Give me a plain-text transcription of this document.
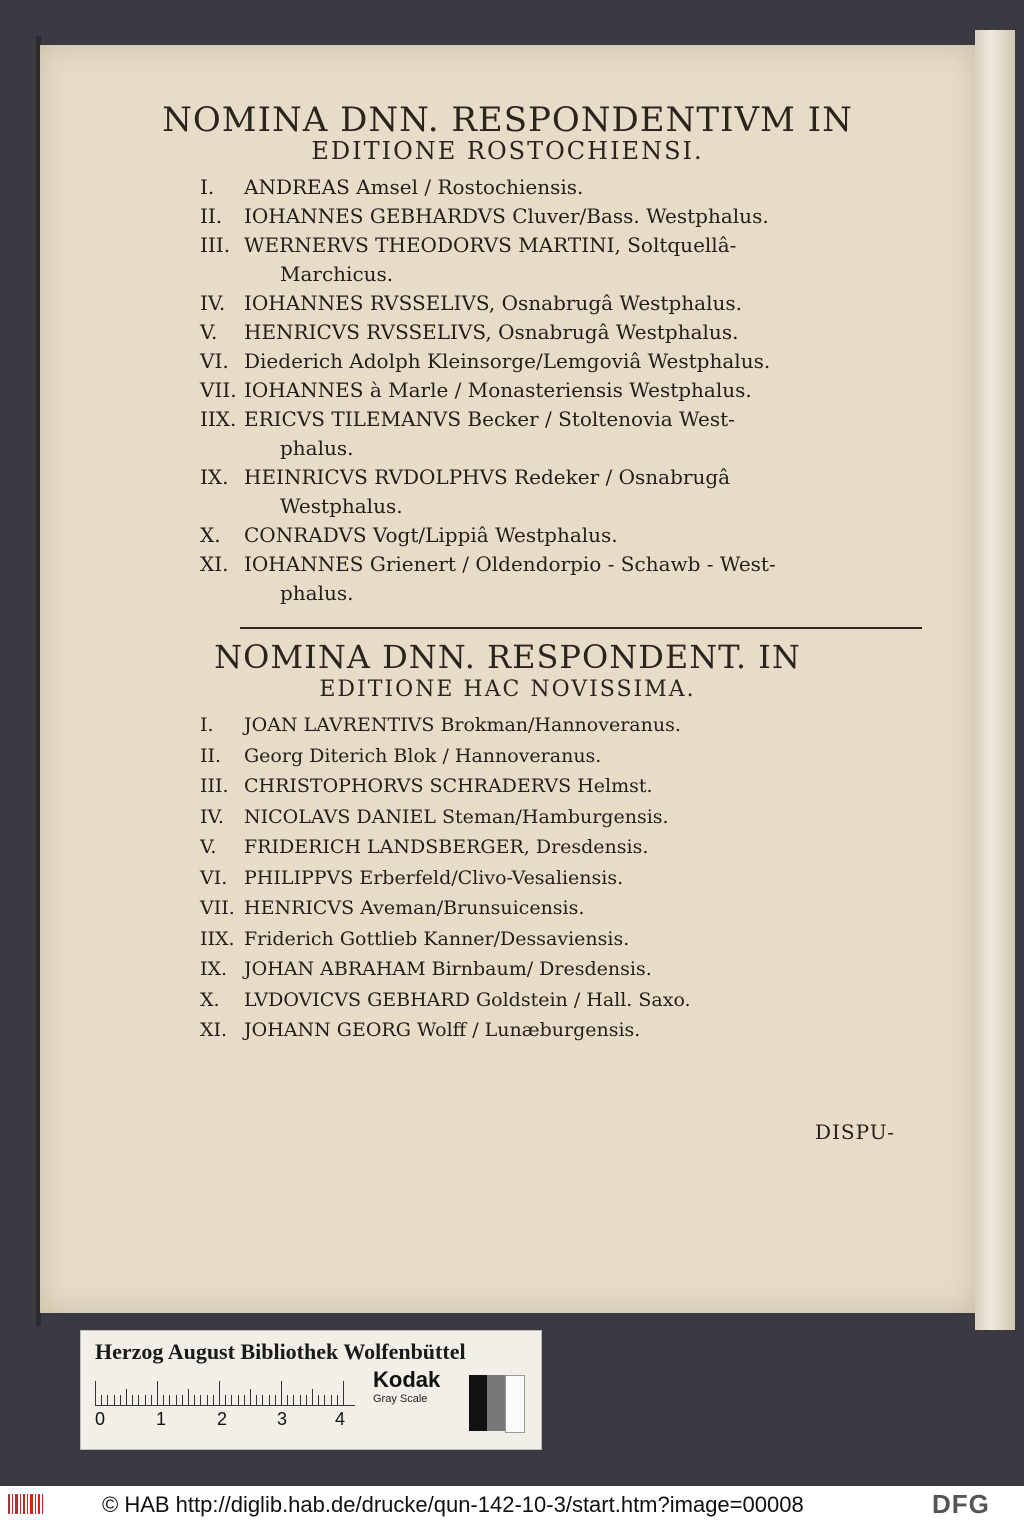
NOMINA DNN. RESPONDENTIVM IN
EDITIONE ROSTOCHIENSI.
I. ANDREAS Amsel / Rostochiensis.
II. IOHANNES GEBHARDVS Cluver/Bass. Westphalus.
III. WERNERVS THEODORVS MARTINI, Soltquellâ-
Marchicus.
IV. IOHANNES RVSSELIVS, Osnabrugâ Westphalus.
V. HENRICVS RVSSELIVS, Osnabrugâ Westphalus.
VI. Diederich Adolph Kleinsorge/Lemgoviâ Westphalus.
VII. IOHANNES à Marle / Monasteriensis Westphalus.
IIX. ERICVS TILEMANVS Becker / Stoltenovia West-
phalus.
IX. HEINRICVS RVDOLPHVS Redeker / Osnabrugâ
Westphalus.
X. CONRADVS Vogt/Lippiâ Westphalus.
XI. IOHANNES Grienert / Oldendorpio - Schawb - West-
phalus.
NOMINA DNN. RESPONDENT. IN
EDITIONE HAC NOVISSIMA.
I. JOAN LAVRENTIVS Brokman/Hannoveranus.
II. Georg Diterich Blok / Hannoveranus.
III. CHRISTOPHORVS SCHRADERVS Helmst.
IV. NICOLAVS DANIEL Steman/Hamburgensis.
V. FRIDERICH LANDSBERGER, Dresdensis.
VI. PHILIPPVS Erberfeld/Clivo-Vesaliensis.
VII. HENRICVS Aveman/Brunsuicensis.
IIX. Friderich Gottlieb Kanner/Dessaviensis.
IX. JOHAN ABRAHAM Birnbaum/ Dresdensis.
X. LVDOVICVS GEBHARD Goldstein / Hall. Saxo.
XI. JOHANN GEORG Wolff / Lunæburgensis.
DISPU-
Herzog August Bibliothek Wolfenbüttel
0	1	2	3	4
Kodak
Gray Scale
© HAB http://diglib.hab.de/drucke/qun-142-10-3/start.htm?image=00008	DFG
